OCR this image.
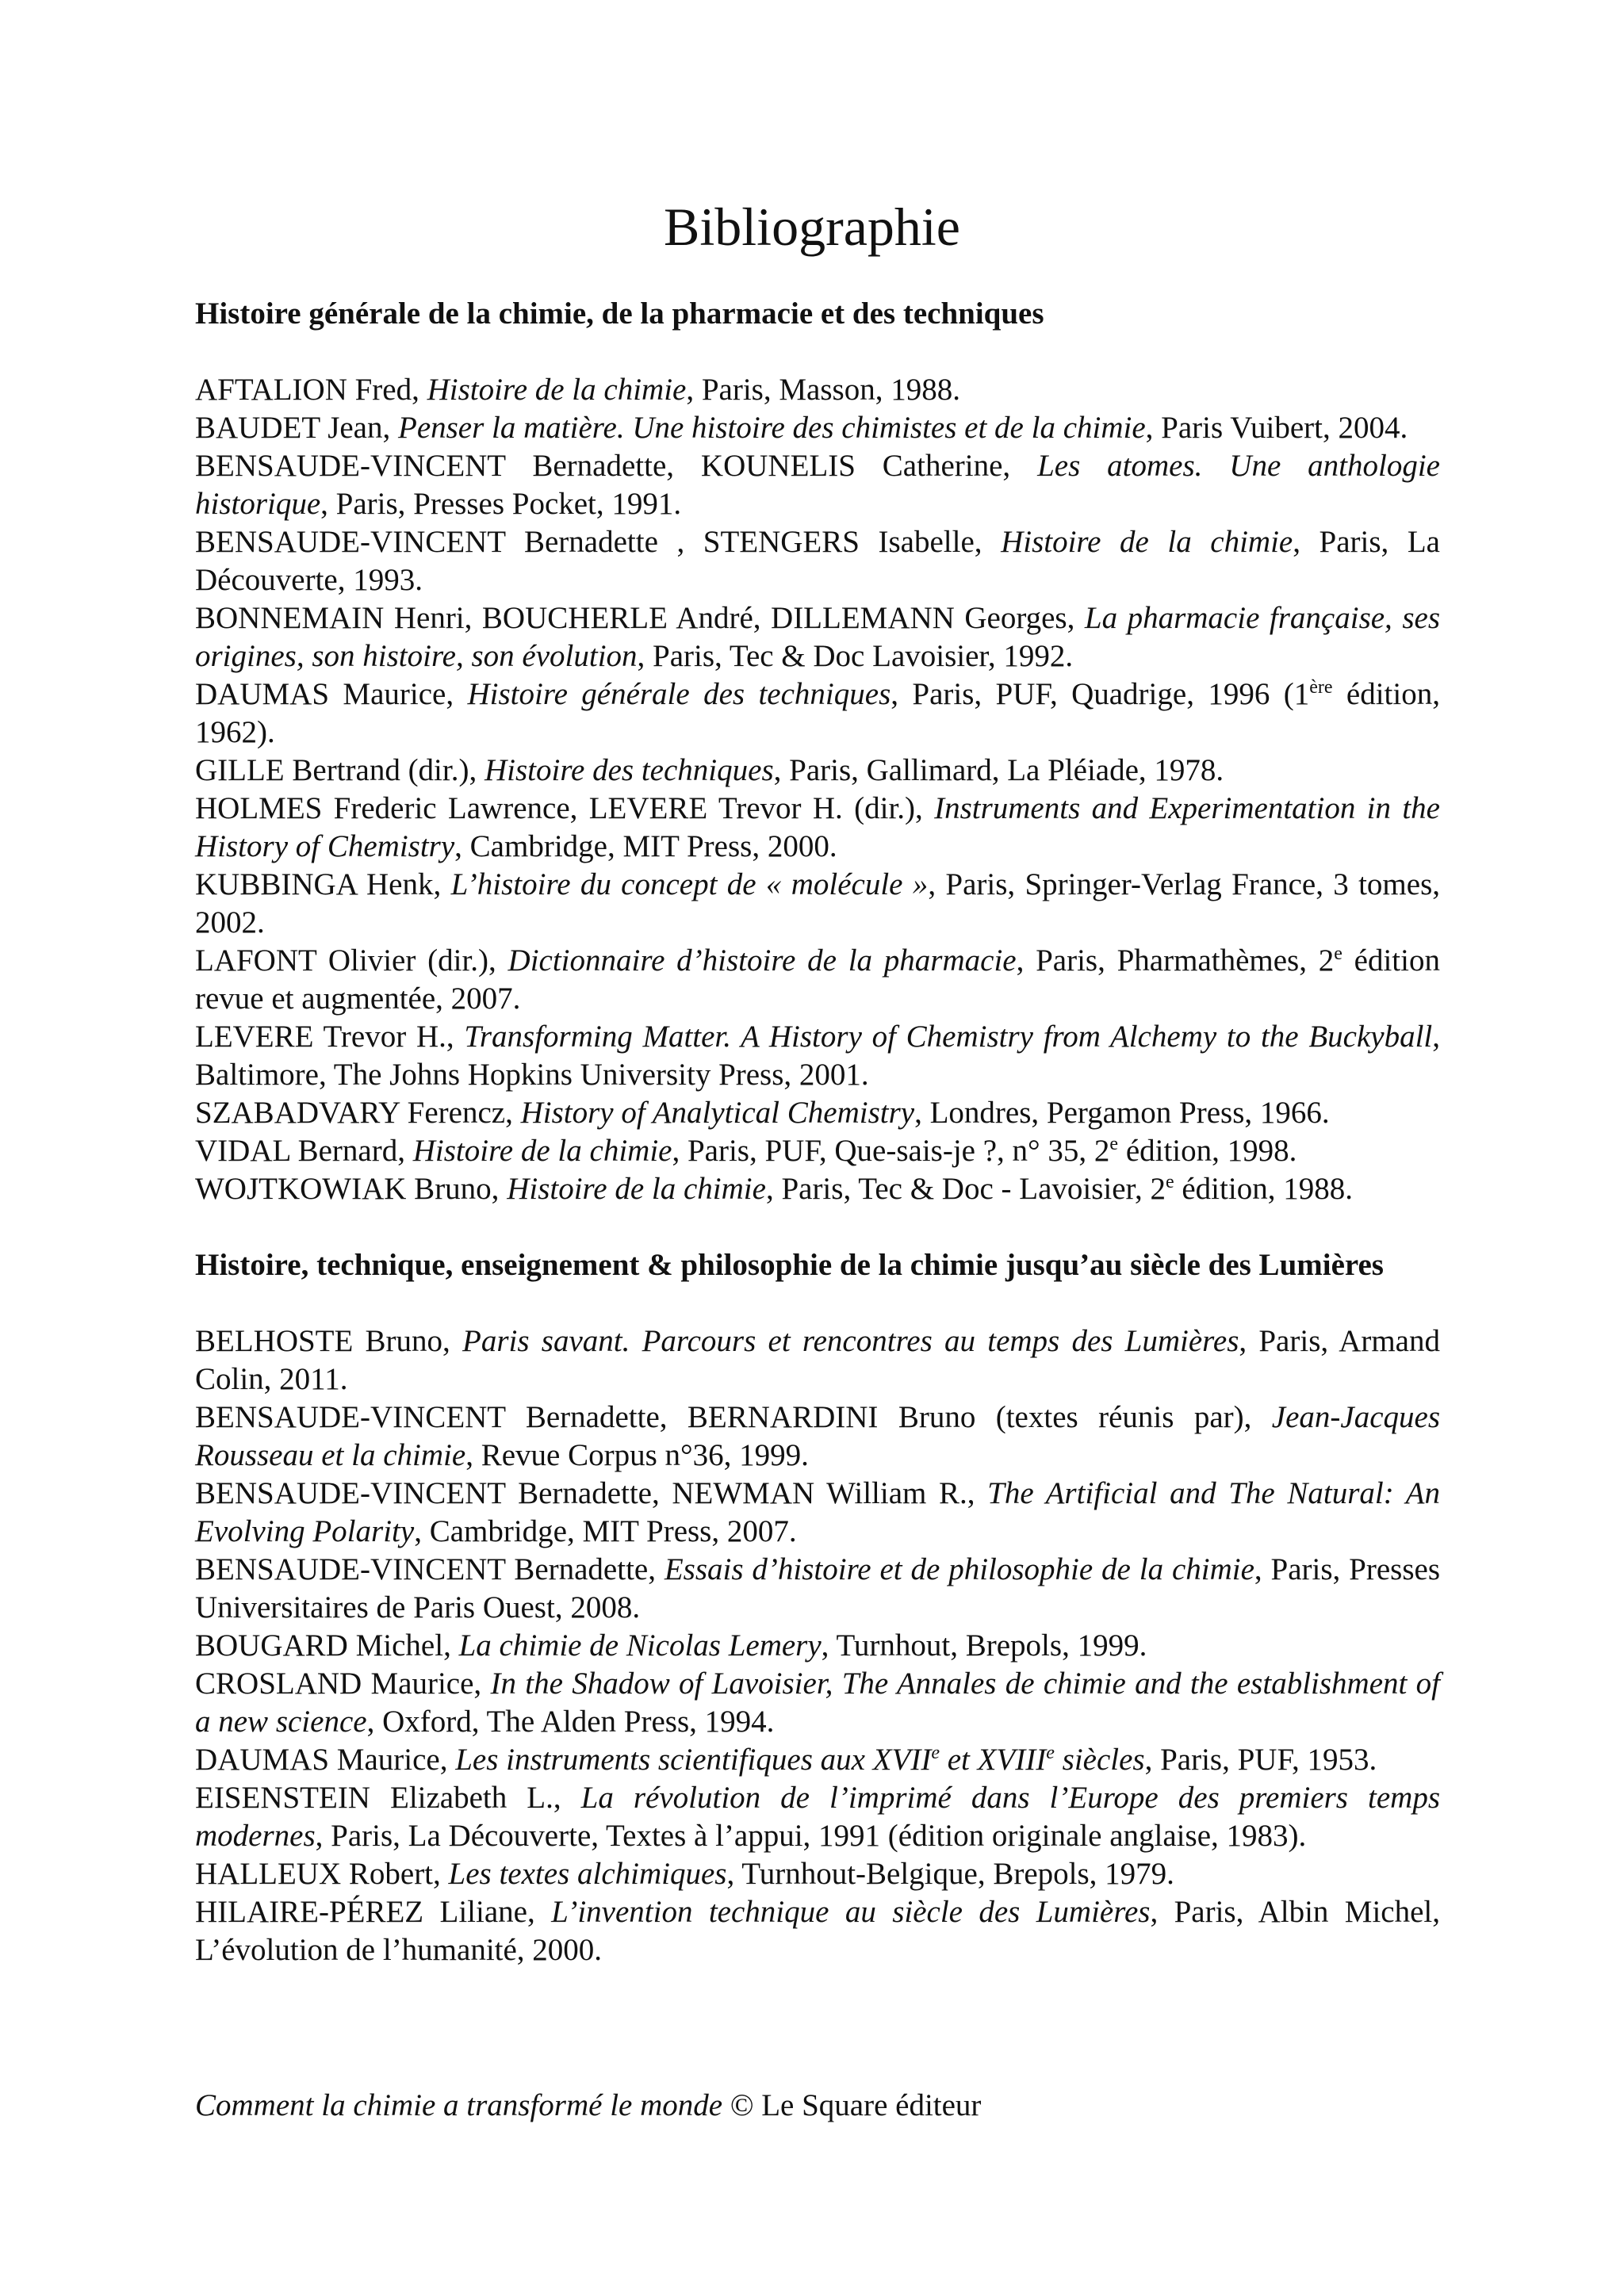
Bibliographie

Histoire générale de la chimie, de la pharmacie et des techniques

AFTALION Fred, Histoire de la chimie, Paris, Masson, 1988.

BAUDET Jean, Penser la matière. Une histoire des chimistes et de la chimie, Paris Vuibert, 2004.

BENSAUDE-VINCENT Bernadette, KOUNELIS Catherine, Les atomes. Une anthologie historique, Paris, Presses Pocket, 1991.

BENSAUDE-VINCENT Bernadette , STENGERS Isabelle, Histoire de la chimie, Paris, La Découverte, 1993.

BONNEMAIN Henri, BOUCHERLE André, DILLEMANN Georges, La pharmacie française, ses origines, son histoire, son évolution, Paris, Tec & Doc Lavoisier, 1992.

DAUMAS Maurice, Histoire générale des techniques, Paris, PUF, Quadrige, 1996 (1ère édition, 1962).

GILLE Bertrand (dir.), Histoire des techniques, Paris, Gallimard, La Pléiade, 1978.

HOLMES Frederic Lawrence, LEVERE Trevor H. (dir.), Instruments and Experimentation in the History of Chemistry, Cambridge, MIT Press, 2000.

KUBBINGA Henk, L’histoire du concept de « molécule », Paris, Springer-Verlag France, 3 tomes, 2002.

LAFONT Olivier (dir.), Dictionnaire d’histoire de la pharmacie, Paris, Pharmathèmes, 2e édition revue et augmentée, 2007.

LEVERE Trevor H., Transforming Matter. A History of Chemistry from Alchemy to the Buckyball, Baltimore, The Johns Hopkins University Press, 2001.

SZABADVARY Ferencz, History of Analytical Chemistry, Londres, Pergamon Press, 1966.

VIDAL Bernard, Histoire de la chimie, Paris, PUF, Que-sais-je ?, n° 35, 2e édition, 1998.

WOJTKOWIAK Bruno, Histoire de la chimie, Paris, Tec & Doc - Lavoisier, 2e édition, 1988.

Histoire, technique, enseignement & philosophie de la chimie jusqu’au siècle des Lumières

BELHOSTE Bruno, Paris savant. Parcours et rencontres au temps des Lumières, Paris, Armand Colin, 2011.

BENSAUDE-VINCENT Bernadette, BERNARDINI Bruno (textes réunis par), Jean-Jacques Rousseau et la chimie, Revue Corpus n°36, 1999.

BENSAUDE-VINCENT Bernadette, NEWMAN William R., The Artificial and The Natural: An Evolving Polarity, Cambridge, MIT Press, 2007.

BENSAUDE-VINCENT Bernadette, Essais d’histoire et de philosophie de la chimie, Paris, Presses Universitaires de Paris Ouest, 2008.

BOUGARD Michel, La chimie de Nicolas Lemery, Turnhout, Brepols, 1999.

CROSLAND Maurice, In the Shadow of Lavoisier, The Annales de chimie and the establishment of a new science, Oxford, The Alden Press, 1994.

DAUMAS Maurice, Les instruments scientifiques aux XVIIe et XVIIIe siècles, Paris, PUF, 1953.

EISENSTEIN Elizabeth L., La révolution de l’imprimé dans l’Europe des premiers temps modernes, Paris, La Découverte, Textes à l’appui, 1991 (édition originale anglaise, 1983).

HALLEUX Robert, Les textes alchimiques, Turnhout-Belgique, Brepols, 1979.

HILAIRE-PÉREZ Liliane, L’invention technique au siècle des Lumières, Paris, Albin Michel, L’évolution de l’humanité, 2000.

Comment la chimie a transformé le monde © Le Square éditeur
